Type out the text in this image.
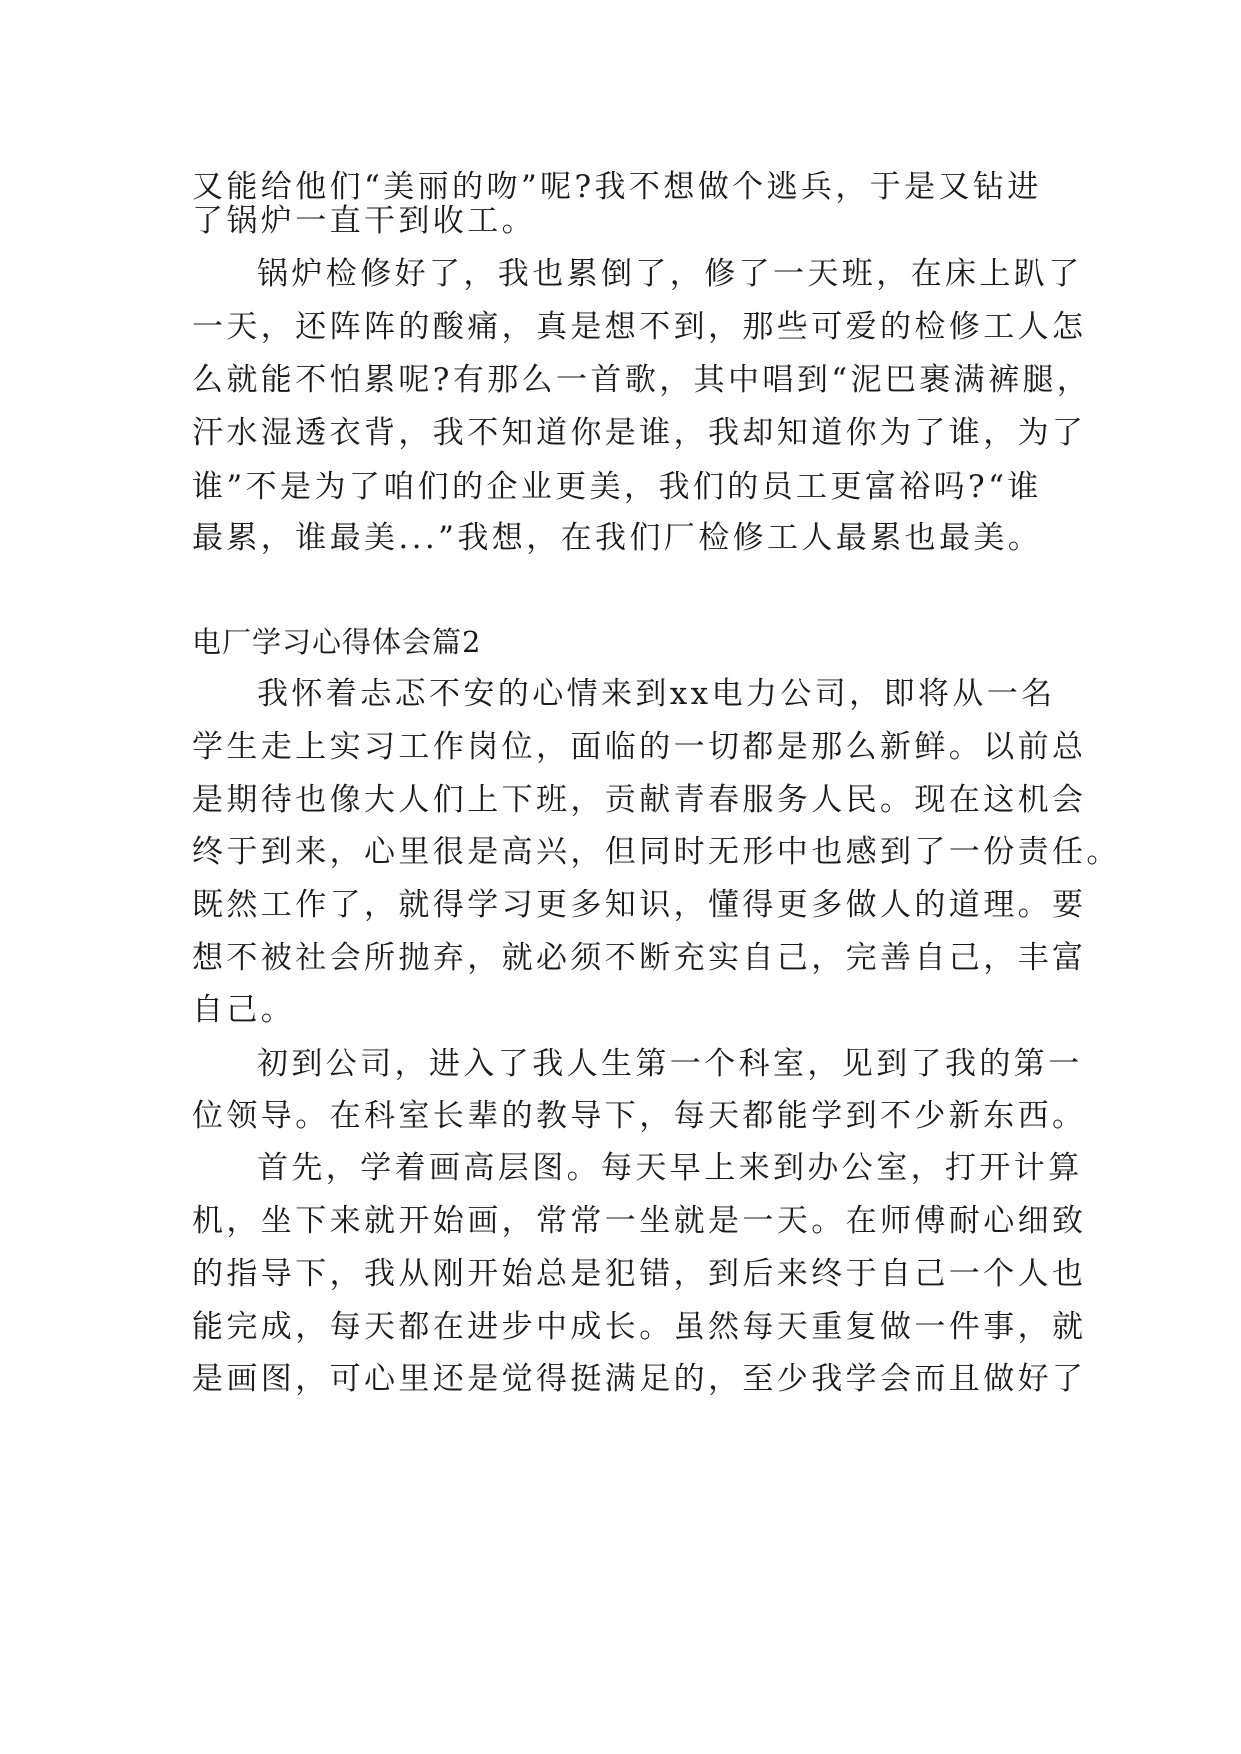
又能给他们“美丽的吻”呢?我不想做个逃兵，于是又钻进
了锅炉一直干到收工。
锅炉检修好了，我也累倒了，修了一天班，在床上趴了
一天，还阵阵的酸痛，真是想不到，那些可爱的检修工人怎
么就能不怕累呢?有那么一首歌，其中唱到“泥巴裹满裤腿，
汗水湿透衣背，我不知道你是谁，我却知道你为了谁，为了
谁”不是为了咱们的企业更美，我们的员工更富裕吗?“谁
最累，谁最美...”我想，在我们厂检修工人最累也最美。
电厂学习心得体会篇2
我怀着忐忑不安的心情来到xx电力公司，即将从一名
学生走上实习工作岗位，面临的一切都是那么新鲜。以前总
是期待也像大人们上下班，贡献青春服务人民。现在这机会
终于到来，心里很是高兴，但同时无形中也感到了一份责任。
既然工作了，就得学习更多知识，懂得更多做人的道理。要
想不被社会所抛弃，就必须不断充实自己，完善自己，丰富
自己。
初到公司，进入了我人生第一个科室，见到了我的第一
位领导。在科室长辈的教导下，每天都能学到不少新东西。
首先，学着画高层图。每天早上来到办公室，打开计算
机，坐下来就开始画，常常一坐就是一天。在师傅耐心细致
的指导下，我从刚开始总是犯错，到后来终于自己一个人也
能完成，每天都在进步中成长。虽然每天重复做一件事，就
是画图，可心里还是觉得挺满足的，至少我学会而且做好了
